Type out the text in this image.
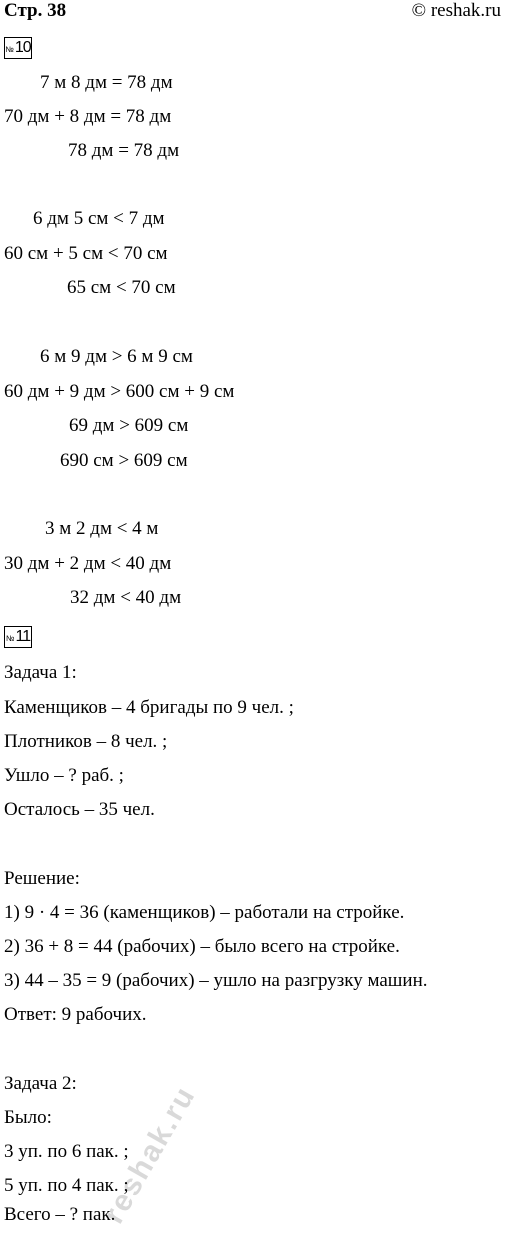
Стр. 38	© reshak.ru
№ 10
7 м 8 дм = 78 дм
70 дм + 8 дм = 78 дм
78 дм = 78 дм
6 дм 5 см < 7 дм
60 см + 5 см < 70 см
65 см < 70 см
6 м 9 дм > 6 м 9 см
60 дм + 9 дм > 600 см + 9 см
69 дм > 609 см
690 см > 609 см
3 м 2 дм < 4 м
30 дм + 2 дм < 40 дм
32 дм < 40 дм
№ 11
Задача 1:
Каменщиков – 4 бригады по 9 чел. ;
Плотников – 8 чел. ;
Ушло – ? раб. ;
Осталось – 35 чел.
Решение:
1) 9 · 4 = 36 (каменщиков) – работали на стройке.
2) 36 + 8 = 44 (рабочих) – было всего на стройке.
3) 44 – 35 = 9 (рабочих) – ушло на разгрузку машин.
Ответ: 9 рабочих.
Задача 2:
Было:
3 уп. по 6 пак. ;
5 уп. по 4 пак. ;
Всего – ? пак.
reshak.ru
